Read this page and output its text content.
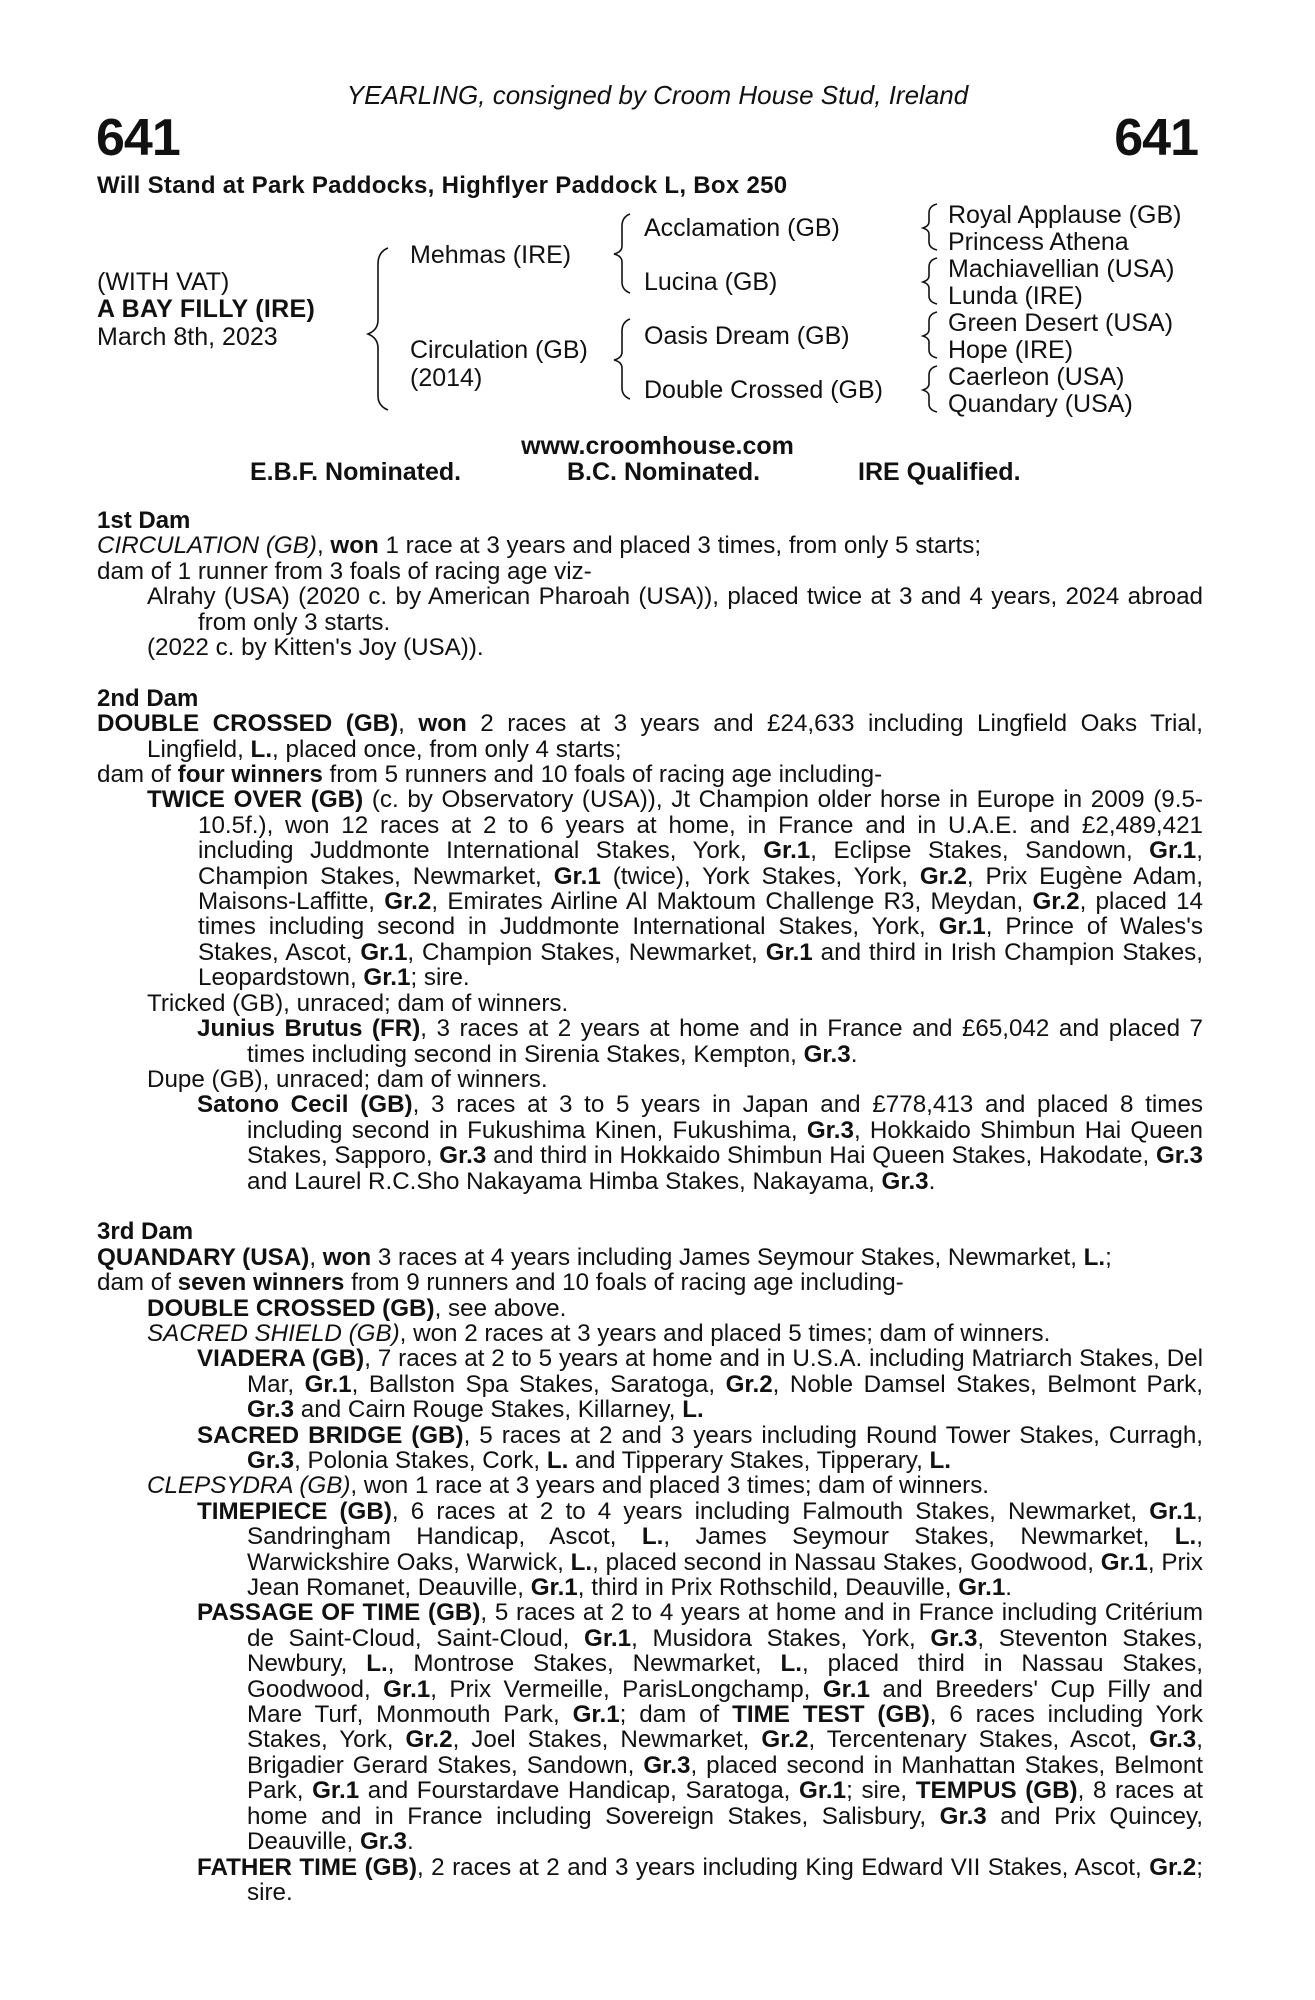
YEARLING, consigned by Croom House Stud, Ireland
641	641
Will Stand at Park Paddocks, Highflyer Paddock L, Box 250
(WITH VAT)
A BAY FILLY (IRE)
March 8th, 2023
Mehmas (IRE)
Circulation (GB)
(2014)
Acclamation (GB)
Lucina (GB)
Oasis Dream (GB)
Double Crossed (GB)
Royal Applause (GB)
Princess Athena
Machiavellian (USA)
Lunda (IRE)
Green Desert (USA)
Hope (IRE)
Caerleon (USA)
Quandary (USA)
www.croomhouse.com
E.B.F. Nominated.	B.C. Nominated.	IRE Qualified.

1st Dam

CIRCULATION (GB), won 1 race at 3 years and placed 3 times, from only 5 starts;

dam of 1 runner from 3 foals of racing age viz-

Alrahy (USA) (2020 c. by American Pharoah (USA)), placed twice at 3 and 4 years, 2024 abroad from only 3 starts.

(2022 c. by Kitten's Joy (USA)).

2nd Dam

DOUBLE CROSSED (GB), won 2 races at 3 years and £24,633 including Lingfield Oaks Trial, Lingfield, L., placed once, from only 4 starts;

dam of four winners from 5 runners and 10 foals of racing age including-

TWICE OVER (GB) (c. by Observatory (USA)), Jt Champion older horse in Europe in 2009 (9.5-10.5f.), won 12 races at 2 to 6 years at home, in France and in U.A.E. and £2,489,421 including Juddmonte International Stakes, York, Gr.1, Eclipse Stakes, Sandown, Gr.1, Champion Stakes, Newmarket, Gr.1 (twice), York Stakes, York, Gr.2, Prix Eugène Adam, Maisons-Laffitte, Gr.2, Emirates Airline Al Maktoum Challenge R3, Meydan, Gr.2, placed 14 times including second in Juddmonte International Stakes, York, Gr.1, Prince of Wales's Stakes, Ascot, Gr.1, Champion Stakes, Newmarket, Gr.1 and third in Irish Champion Stakes, Leopardstown, Gr.1; sire.

Tricked (GB), unraced; dam of winners.

Junius Brutus (FR), 3 races at 2 years at home and in France and £65,042 and placed 7 times including second in Sirenia Stakes, Kempton, Gr.3.

Dupe (GB), unraced; dam of winners.

Satono Cecil (GB), 3 races at 3 to 5 years in Japan and £778,413 and placed 8 times including second in Fukushima Kinen, Fukushima, Gr.3, Hokkaido Shimbun Hai Queen Stakes, Sapporo, Gr.3 and third in Hokkaido Shimbun Hai Queen Stakes, Hakodate, Gr.3 and Laurel R.C.Sho Nakayama Himba Stakes, Nakayama, Gr.3.

3rd Dam

QUANDARY (USA), won 3 races at 4 years including James Seymour Stakes, Newmarket, L.;

dam of seven winners from 9 runners and 10 foals of racing age including-

DOUBLE CROSSED (GB), see above.

SACRED SHIELD (GB), won 2 races at 3 years and placed 5 times; dam of winners.

VIADERA (GB), 7 races at 2 to 5 years at home and in U.S.A. including Matriarch Stakes, Del Mar, Gr.1, Ballston Spa Stakes, Saratoga, Gr.2, Noble Damsel Stakes, Belmont Park, Gr.3 and Cairn Rouge Stakes, Killarney, L.

SACRED BRIDGE (GB), 5 races at 2 and 3 years including Round Tower Stakes, Curragh, Gr.3, Polonia Stakes, Cork, L. and Tipperary Stakes, Tipperary, L.

CLEPSYDRA (GB), won 1 race at 3 years and placed 3 times; dam of winners.

TIMEPIECE (GB), 6 races at 2 to 4 years including Falmouth Stakes, Newmarket, Gr.1, Sandringham Handicap, Ascot, L., James Seymour Stakes, Newmarket, L., Warwickshire Oaks, Warwick, L., placed second in Nassau Stakes, Goodwood, Gr.1, Prix Jean Romanet, Deauville, Gr.1, third in Prix Rothschild, Deauville, Gr.1.

PASSAGE OF TIME (GB), 5 races at 2 to 4 years at home and in France including Critérium de Saint-Cloud, Saint-Cloud, Gr.1, Musidora Stakes, York, Gr.3, Steventon Stakes, Newbury, L., Montrose Stakes, Newmarket, L., placed third in Nassau Stakes, Goodwood, Gr.1, Prix Vermeille, ParisLongchamp, Gr.1 and Breeders' Cup Filly and Mare Turf, Monmouth Park, Gr.1; dam of TIME TEST (GB), 6 races including York Stakes, York, Gr.2, Joel Stakes, Newmarket, Gr.2, Tercentenary Stakes, Ascot, Gr.3, Brigadier Gerard Stakes, Sandown, Gr.3, placed second in Manhattan Stakes, Belmont Park, Gr.1 and Fourstardave Handicap, Saratoga, Gr.1; sire, TEMPUS (GB), 8 races at home and in France including Sovereign Stakes, Salisbury, Gr.3 and Prix Quincey, Deauville, Gr.3.

FATHER TIME (GB), 2 races at 2 and 3 years including King Edward VII Stakes, Ascot, Gr.2; sire.
